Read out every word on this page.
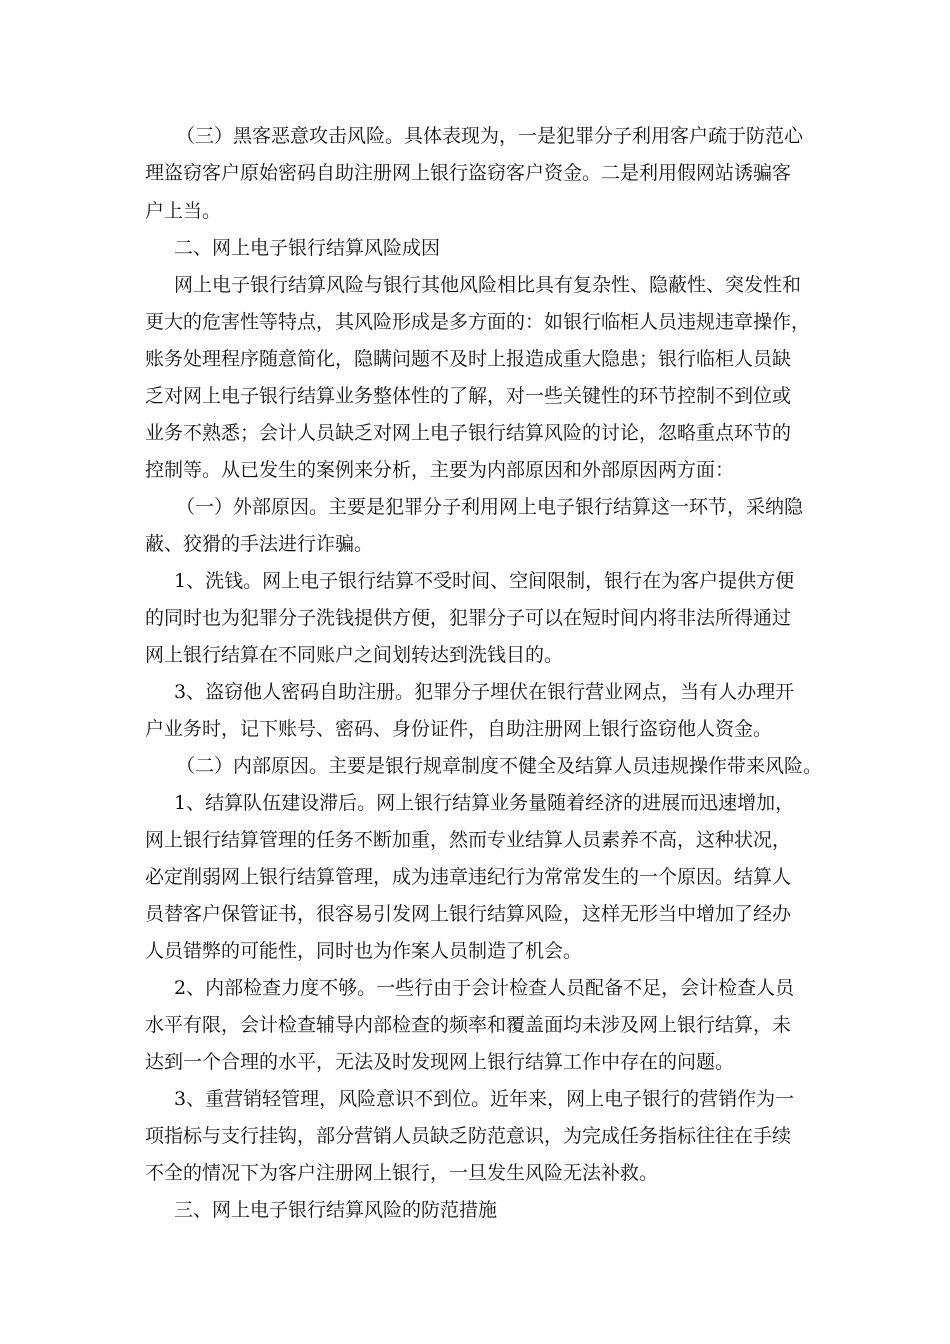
（三）黑客恶意攻击风险。具体表现为，一是犯罪分子利用客户疏于防范心
理盗窃客户原始密码自助注册网上银行盗窃客户资金。二是利用假网站诱骗客
户上当。
二、网上电子银行结算风险成因
网上电子银行结算风险与银行其他风险相比具有复杂性、隐蔽性、突发性和
更大的危害性等特点，其风险形成是多方面的：如银行临柜人员违规违章操作，
账务处理程序随意简化，隐瞒问题不及时上报造成重大隐患；银行临柜人员缺
乏对网上电子银行结算业务整体性的了解，对一些关键性的环节控制不到位或
业务不熟悉；会计人员缺乏对网上电子银行结算风险的讨论，忽略重点环节的
控制等。从已发生的案例来分析，主要为内部原因和外部原因两方面：
（一）外部原因。主要是犯罪分子利用网上电子银行结算这一环节，采纳隐
蔽、狡猾的手法进行诈骗。
1、洗钱。网上电子银行结算不受时间、空间限制，银行在为客户提供方便
的同时也为犯罪分子洗钱提供方便，犯罪分子可以在短时间内将非法所得通过
网上银行结算在不同账户之间划转达到洗钱目的。
3、盗窃他人密码自助注册。犯罪分子埋伏在银行营业网点，当有人办理开
户业务时，记下账号、密码、身份证件，自助注册网上银行盗窃他人资金。
（二）内部原因。主要是银行规章制度不健全及结算人员违规操作带来风险。
1、结算队伍建设滞后。网上银行结算业务量随着经济的进展而迅速增加，
网上银行结算管理的任务不断加重，然而专业结算人员素养不高，这种状况，
必定削弱网上银行结算管理，成为违章违纪行为常常发生的一个原因。结算人
员替客户保管证书，很容易引发网上银行结算风险，这样无形当中增加了经办
人员错弊的可能性，同时也为作案人员制造了机会。
2、内部检查力度不够。一些行由于会计检查人员配备不足，会计检查人员
水平有限，会计检查辅导内部检查的频率和覆盖面均未涉及网上银行结算，未
达到一个合理的水平，无法及时发现网上银行结算工作中存在的问题。
3、重营销轻管理，风险意识不到位。近年来，网上电子银行的营销作为一
项指标与支行挂钩，部分营销人员缺乏防范意识，为完成任务指标往往在手续
不全的情况下为客户注册网上银行，一旦发生风险无法补救。
三、网上电子银行结算风险的防范措施
